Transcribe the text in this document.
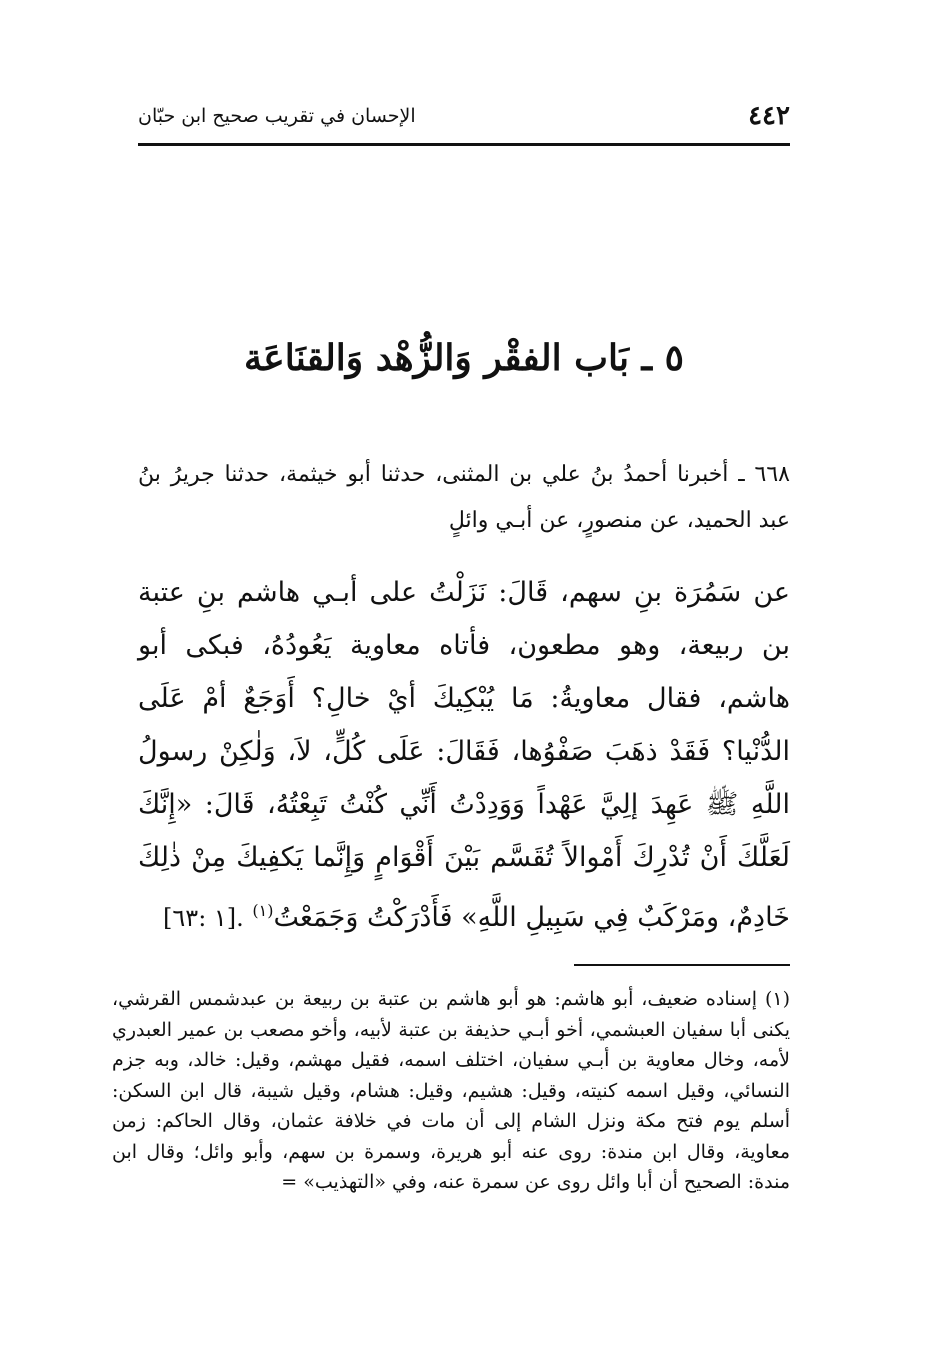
٤٤٢
الإحسان في تقريب صحيح ابن حبّان
٥ ـ بَاب الفقْر وَالزُّهْد وَالقنَاعَة

٦٦٨ ـ أخبرنا أحمدُ بنُ علي بن المثنى، حدثنا أبو خيثمة، حدثنا جريرُ بنُ عبد الحميد، عن منصورٍ، عن أبـي وائلٍ

عن سَمُرَة بنِ سهم، قَالَ: نَزَلْتُ على أبـي هاشم بنِ عتبة بن ربيعة، وهو مطعون، فأتاه معاوية يَعُودُهُ، فبكى أبو هاشم، فقال معاويةُ: مَا يُبْكِيكَ أيْ خالِ؟ أَوَجَعٌ أمْ عَلَى الدُّنْيا؟ فَقَدْ ذهَبَ صَفْوُها، فَقَالَ: عَلَى كُلٍّ، لاَ، وَلٰكِنْ رسولُ اللَّهِ ﷺ عَهِدَ إلِيَّ عَهْداً وَوَدِدْتُ أَنِّي كُنْتُ تَبِعْتُهُ، قَالَ: «إِنَّكَ لَعَلَّكَ أَنْ تُدْرِكَ أَمْوالاً تُقَسَّم بَيْنَ أَقْوَامٍ وَإِنَّما يَكفِيكَ مِنْ ذٰلِكَ خَادِمٌ، ومَرْكَبٌ فِي سَبِيلِ اللَّهِ» فَأَدْرَكْتُ وَجَمَعْتُ$^{(١)}$ .[١ :٦٣]

(١) إسناده ضعيف، أبو هاشم: هو أبو هاشم بن عتبة بن ربيعة بن عبدشمس القرشي، يكنى أبا سفيان العبشمي، أخو أبـي حذيفة بن عتبة لأبيه، وأخو مصعب بن عمير العبدري لأمه، وخال معاوية بن أبـي سفيان، اختلف اسمه، فقيل مهشم، وقيل: خالد، وبه جزم النسائي، وقيل اسمه كنيته، وقيل: هشيم، وقيل: هشام، وقيل شيبة، قال ابن السكن: أسلم يوم فتح مكة ونزل الشام إلى أن مات في خلافة عثمان، وقال الحاكم: زمن معاوية، وقال ابن مندة: روى عنه أبو هريرة، وسمرة بن سهم، وأبو وائل؛ وقال ابن مندة: الصحيح أن أبا وائل روى عن سمرة عنه، وفي «التهذيب» =
